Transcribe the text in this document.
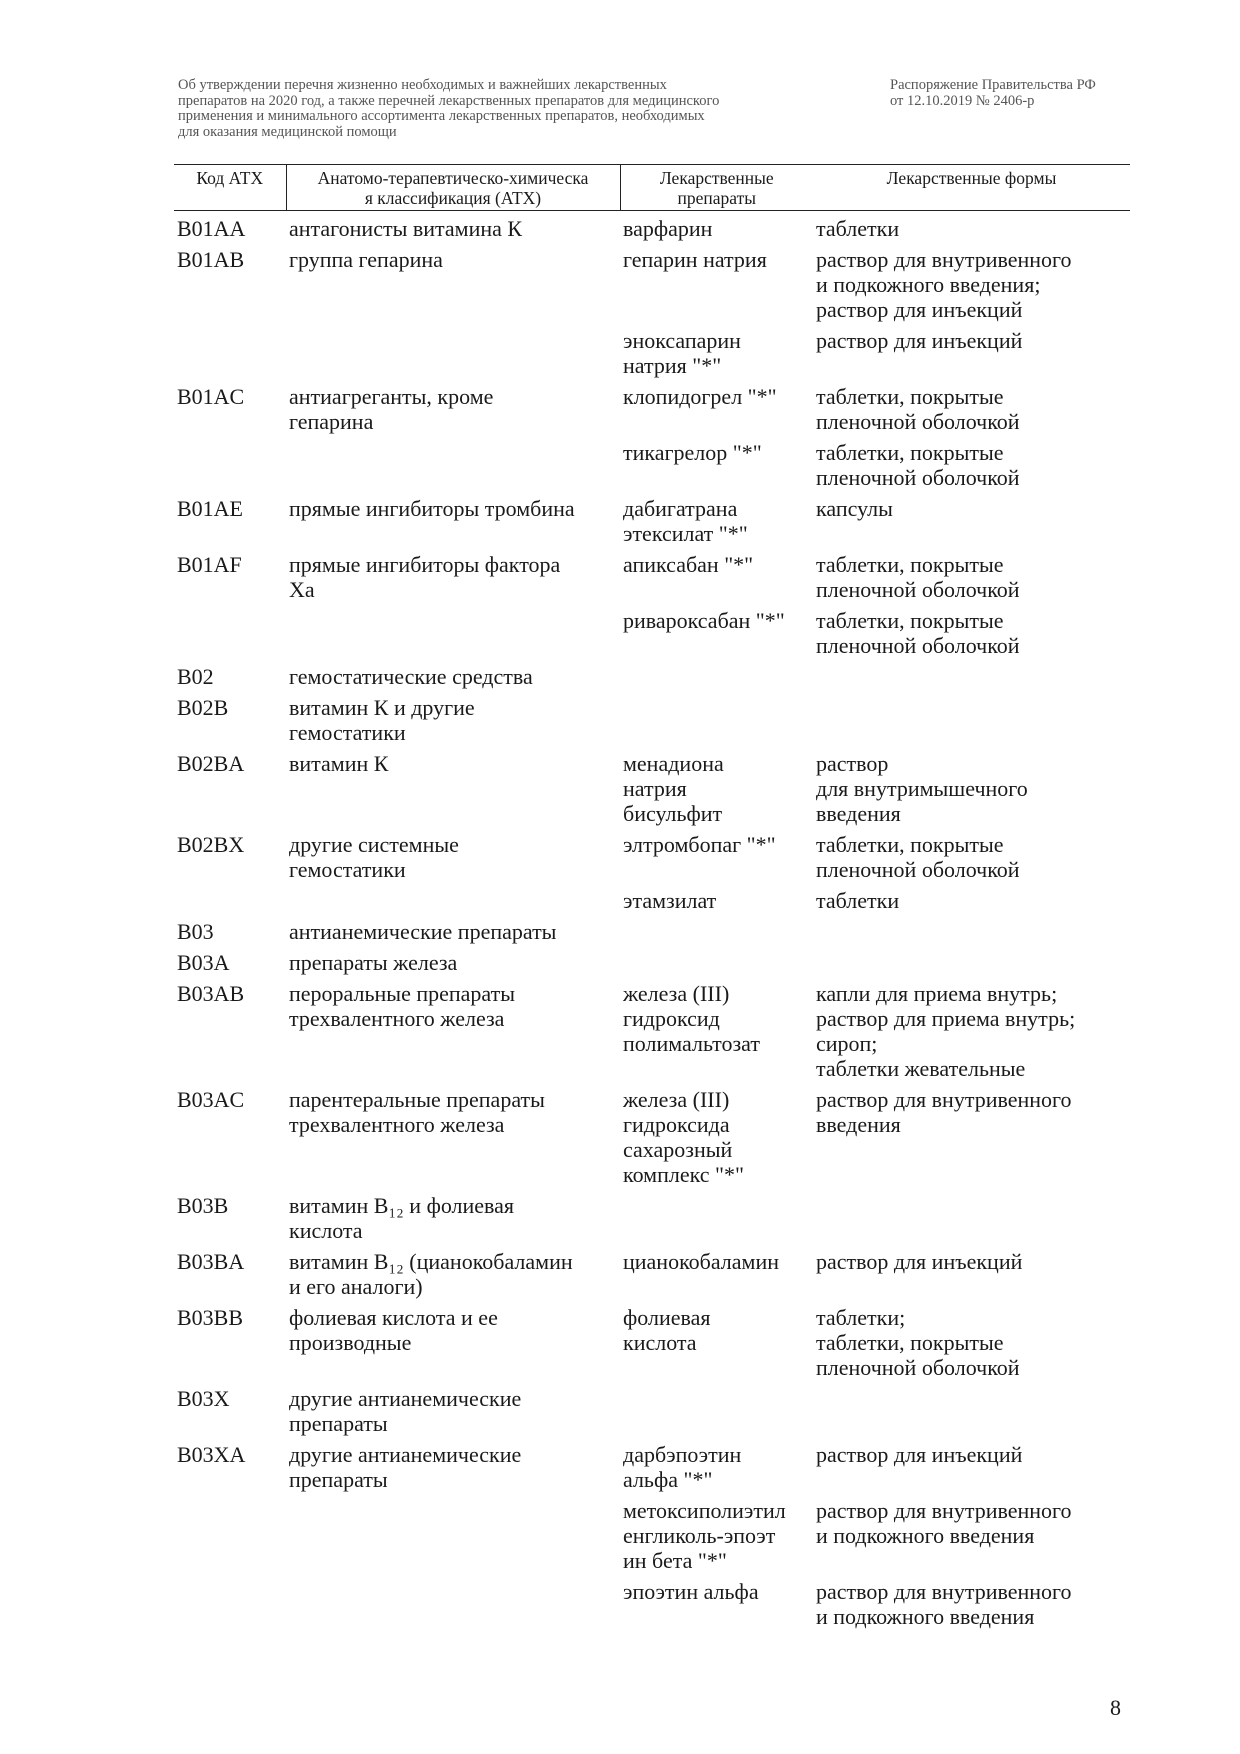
Об утверждении перечня жизненно необходимых и важнейших лекарственных
препаратов на 2020 год, а также перечней лекарственных препаратов для медицинского
применения и минимального ассортимента лекарственных препаратов, необходимых
для оказания медицинской помощи
Распоряжение Правительства РФ
от 12.10.2019 № 2406-р
Код АТХ	Анатомо-терапевтическо-химическа
я классификация (АТХ)	Лекарственные
препараты	Лекарственные формы

B01AA	антагонисты витамина К	варфарин	таблетки

B01AB	группа гепарина	гепарин натрия	раствор для внутривенного
и подкожного введения;
раствор для инъекций

		эноксапарин
натрия "*"	раствор для инъекций

B01AC	антиагреганты, кроме
гепарина	клопидогрел "*"	таблетки, покрытые
пленочной оболочкой

		тикагрелор "*"	таблетки, покрытые
пленочной оболочкой

B01AE	прямые ингибиторы тромбина	дабигатрана
этексилат "*"	капсулы

B01AF	прямые ингибиторы фактора
Xa	апиксабан "*"	таблетки, покрытые
пленочной оболочкой

		ривароксабан "*"	таблетки, покрытые
пленочной оболочкой

B02	гемостатические средства		

B02B	витамин К и другие
гемостатики		

B02BA	витамин К	менадиона
натрия
бисульфит	раствор
для внутримышечного
введения

B02BX	другие системные
гемостатики	элтромбопаг "*"	таблетки, покрытые
пленочной оболочкой

		этамзилат	таблетки

B03	антианемические препараты		

B03A	препараты железа		

B03AB	пероральные препараты
трехвалентного железа	железа (III)
гидроксид
полимальтозат	капли для приема внутрь;
раствор для приема внутрь;
сироп;
таблетки жевательные

B03AC	парентеральные препараты
трехвалентного железа	железа (III)
гидроксида
сахарозный
комплекс "*"	раствор для внутривенного
введения

B03B	витамин B₁₂ и фолиевая
кислота		

B03BA	витамин B₁₂ (цианокобаламин
и его аналоги)	цианокобаламин	раствор для инъекций

B03BB	фолиевая кислота и ее
производные	фолиевая
кислота	таблетки;
таблетки, покрытые
пленочной оболочкой

B03X	другие антианемические
препараты		

B03XA	другие антианемические
препараты	дарбэпоэтин
альфа "*"	раствор для инъекций

		метоксиполиэтил
енгликоль-эпоэт
ин бета "*"	раствор для внутривенного
и подкожного введения

		эпоэтин альфа	раствор для внутривенного
и подкожного введения
8
